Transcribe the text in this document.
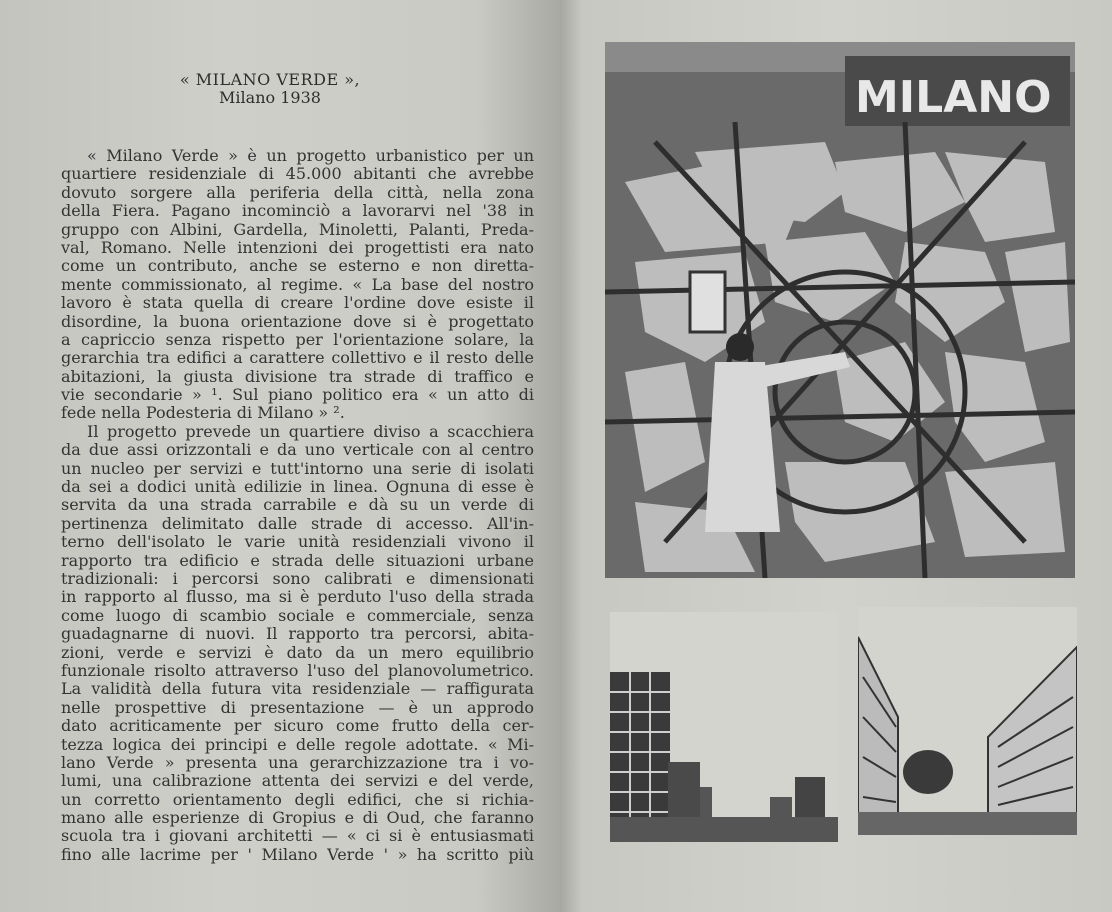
« MILANO VERDE »,
Milano 1938
« Milano Verde » è un progetto urbanistico per un
quartiere residenziale di 45.000 abitanti che avrebbe
dovuto sorgere alla periferia della città, nella zona
della Fiera. Pagano incominciò a lavorarvi nel '38 in
gruppo con Albini, Gardella, Minoletti, Palanti, Preda-
val, Romano. Nelle intenzioni dei progettisti era nato
come un contributo, anche se esterno e non diretta-
mente commissionato, al regime. « La base del nostro
lavoro è stata quella di creare l'ordine dove esiste il
disordine, la buona orientazione dove si è progettato
a capriccio senza rispetto per l'orientazione solare, la
gerarchia tra edifici a carattere collettivo e il resto delle
abitazioni, la giusta divisione tra strade di traffico e
vie secondarie » ¹. Sul piano politico era « un atto di
fede nella Podesteria di Milano » ².
Il progetto prevede un quartiere diviso a scacchiera
da due assi orizzontali e da uno verticale con al centro
un nucleo per servizi e tutt'intorno una serie di isolati
da sei a dodici unità edilizie in linea. Ognuna di esse è
servita da una strada carrabile e dà su un verde di
pertinenza delimitato dalle strade di accesso. All'in-
terno dell'isolato le varie unità residenziali vivono il
rapporto tra edificio e strada delle situazioni urbane
tradizionali: i percorsi sono calibrati e dimensionati
in rapporto al flusso, ma si è perduto l'uso della strada
come luogo di scambio sociale e commerciale, senza
guadagnarne di nuovi. Il rapporto tra percorsi, abita-
zioni, verde e servizi è dato da un mero equilibrio
funzionale risolto attraverso l'uso del planovolumetrico.
La validità della futura vita residenziale — raffigurata
nelle prospettive di presentazione — è un approdo
dato acriticamente per sicuro come frutto della cer-
tezza logica dei principi e delle regole adottate. « Mi-
lano Verde » presenta una gerarchizzazione tra i vo-
lumi, una calibrazione attenta dei servizi e del verde,
un corretto orientamento degli edifici, che si richia-
mano alle esperienze di Gropius e di Oud, che faranno
scuola tra i giovani architetti — « ci si è entusiasmati
fino alle lacrime per ' Milano Verde ' » ha scritto più
MILANO
